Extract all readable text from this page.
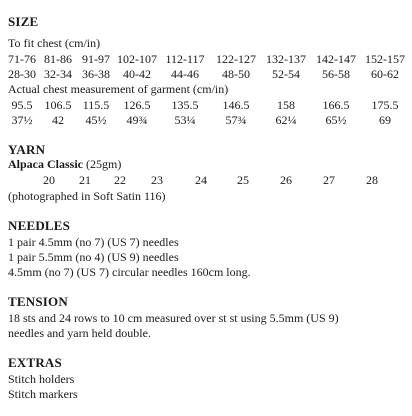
SIZE

To fit chest (cm/in)

71-76 81-86 91-97 102-107 112-117 122-127 132-137 142-147 152-157
28-30 32-34 36-38 40-42 44-46 48-50 52-54 56-58 60-62

Actual chest measurement of garment (cm/in)

95.5 106.5 115.5 126.5 135.5 146.5 158 166.5 175.5
37½ 42 45½ 49¾ 53¼	57¾ 62¼ 65½	69
YARN
Alpaca Classic (25gm)
20 21 22 23	24	25	26	27	28

(photographed in Soft Satin 116)

NEEDLES

1 pair 4.5mm (no 7) (US 7) needles

1 pair 5.5mm (no 4) (US 9) needles

4.5mm (no 7) (US 7) circular needles 160cm long.

TENSION

18 sts and 24 rows to 10 cm measured over st st using 5.5mm (US 9)

needles and yarn held double.

EXTRAS

Stitch holders

Stitch markers
